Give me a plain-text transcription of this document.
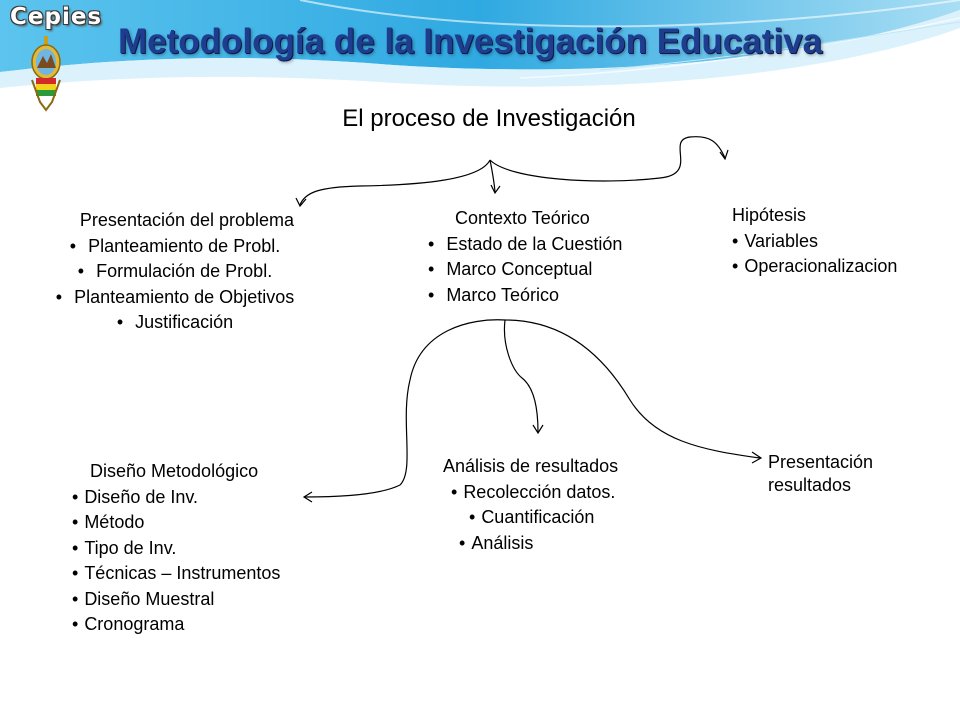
Cepies
Metodología de la Investigación Educativa
El proceso de Investigación
Presentación del problema
• Planteamiento de Probl.
• Formulación de Probl.
• Planteamiento de Objetivos
• Justificación
Contexto Teórico
• Estado de la Cuestión
• Marco Conceptual
• Marco Teórico
Hipótesis
• Variables
• Operacionalizacion
Diseño Metodológico
• Diseño de Inv.
• Método
• Tipo de Inv.
• Técnicas – Instrumentos
• Diseño Muestral
• Cronograma
Análisis de resultados
• Recolección datos.
• Cuantificación
• Análisis
Presentación
resultados
